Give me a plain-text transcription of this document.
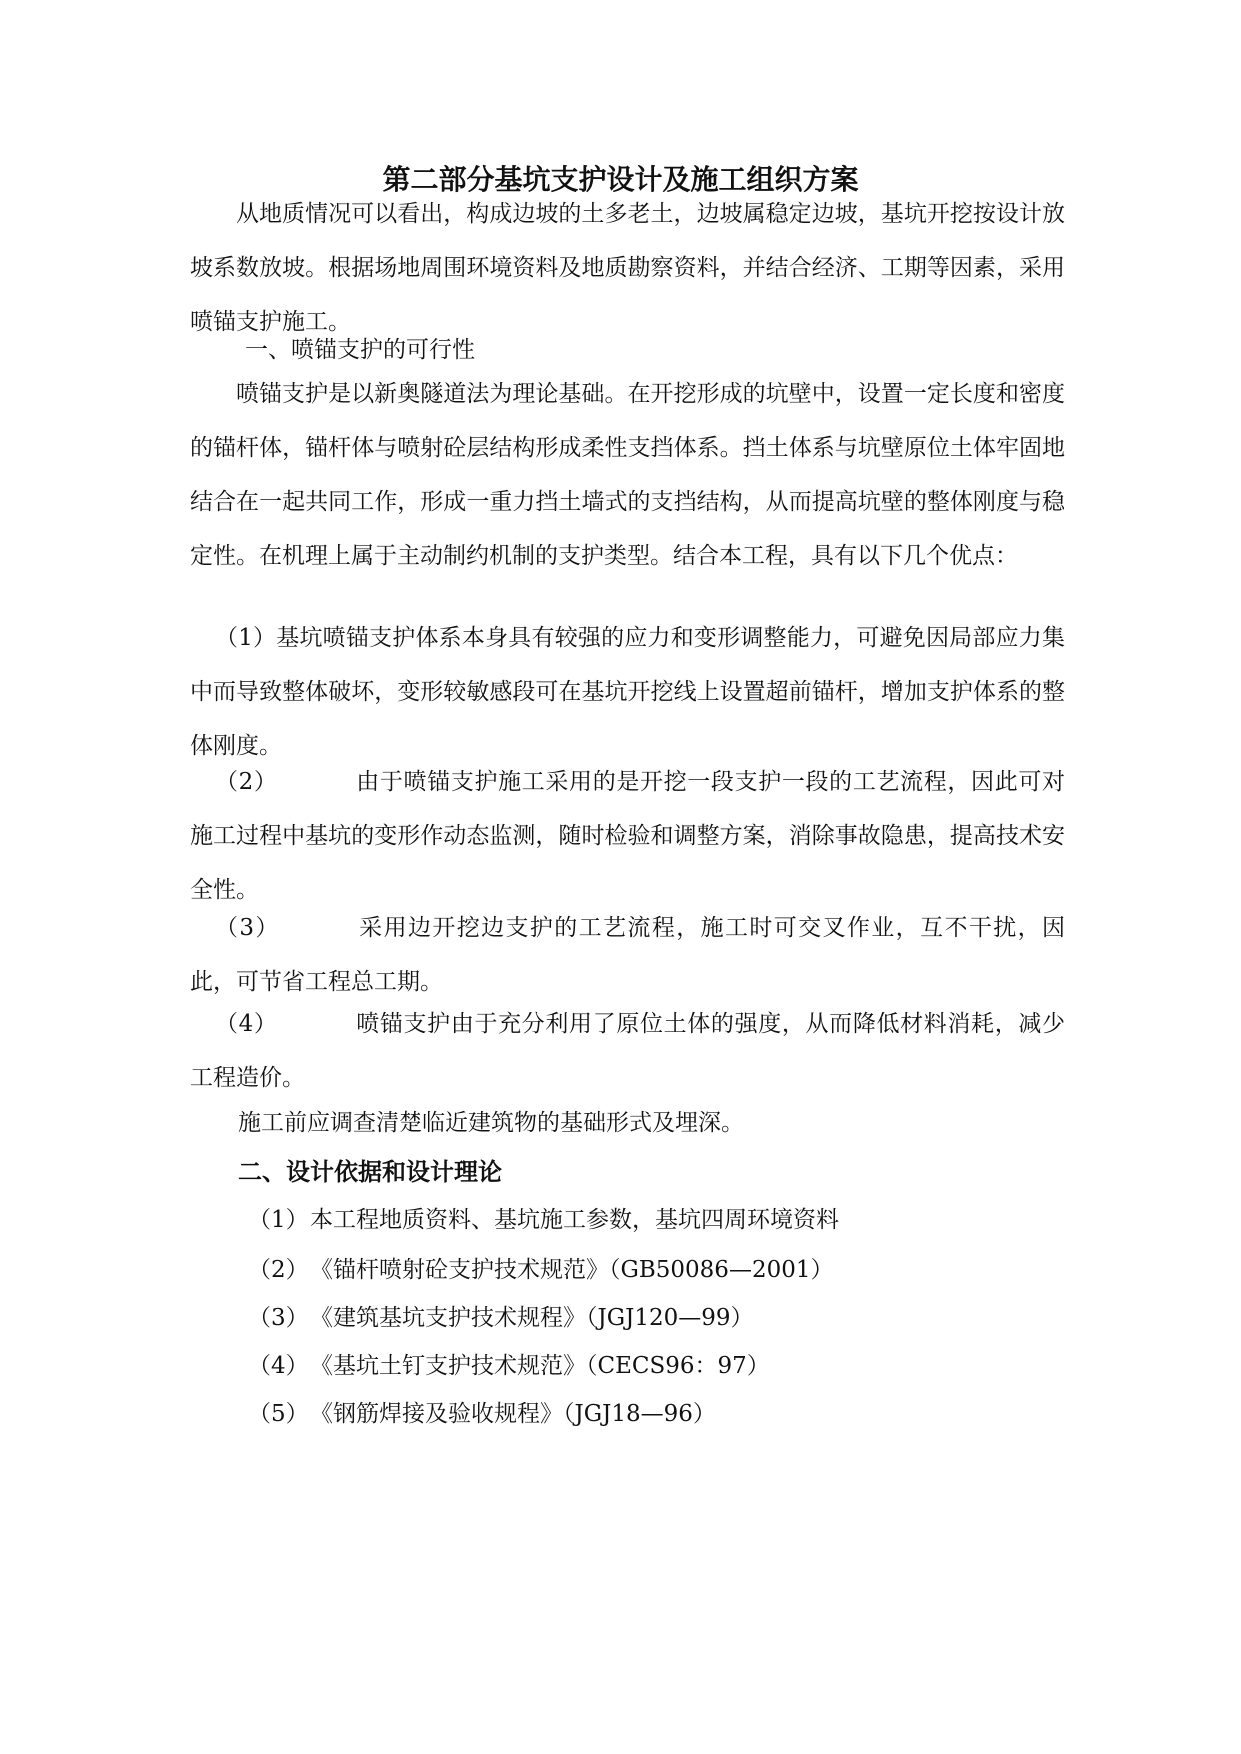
第二部分基坑支护设计及施工组织方案
从地质情况可以看出，构成边坡的土多老土，边坡属稳定边坡，基坑开挖按设计放坡系数放坡。根据场地周围环境资料及地质勘察资料，并结合经济、工期等因素，采用喷锚支护施工。
一、喷锚支护的可行性
喷锚支护是以新奥隧道法为理论基础。在开挖形成的坑壁中，设置一定长度和密度的锚杆体，锚杆体与喷射砼层结构形成柔性支挡体系。挡土体系与坑壁原位土体牢固地结合在一起共同工作，形成一重力挡土墙式的支挡结构，从而提高坑壁的整体刚度与稳定性。在机理上属于主动制约机制的支护类型。结合本工程，具有以下几个优点：
（1）基坑喷锚支护体系本身具有较强的应力和变形调整能力，可避免因局部应力集中而导致整体破坏，变形较敏感段可在基坑开挖线上设置超前锚杆，增加支护体系的整体刚度。
（2）	由于喷锚支护施工采用的是开挖一段支护一段的工艺流程，因此可对施工过程中基坑的变形作动态监测，随时检验和调整方案，消除事故隐患，提高技术安全性。
（3）	采用边开挖边支护的工艺流程，施工时可交叉作业，互不干扰，因此，可节省工程总工期。
（4）	喷锚支护由于充分利用了原位土体的强度，从而降低材料消耗，减少工程造价。
施工前应调查清楚临近建筑物的基础形式及埋深。
二、设计依据和设计理论
（1）本工程地质资料、基坑施工参数，基坑四周环境资料
（2）《锚杆喷射砼支护技术规范》（GB50086—2001）
（3）《建筑基坑支护技术规程》（JGJ120—99）
（4）《基坑土钉支护技术规范》（CECS96：97）
（5）《钢筋焊接及验收规程》（JGJ18—96）
